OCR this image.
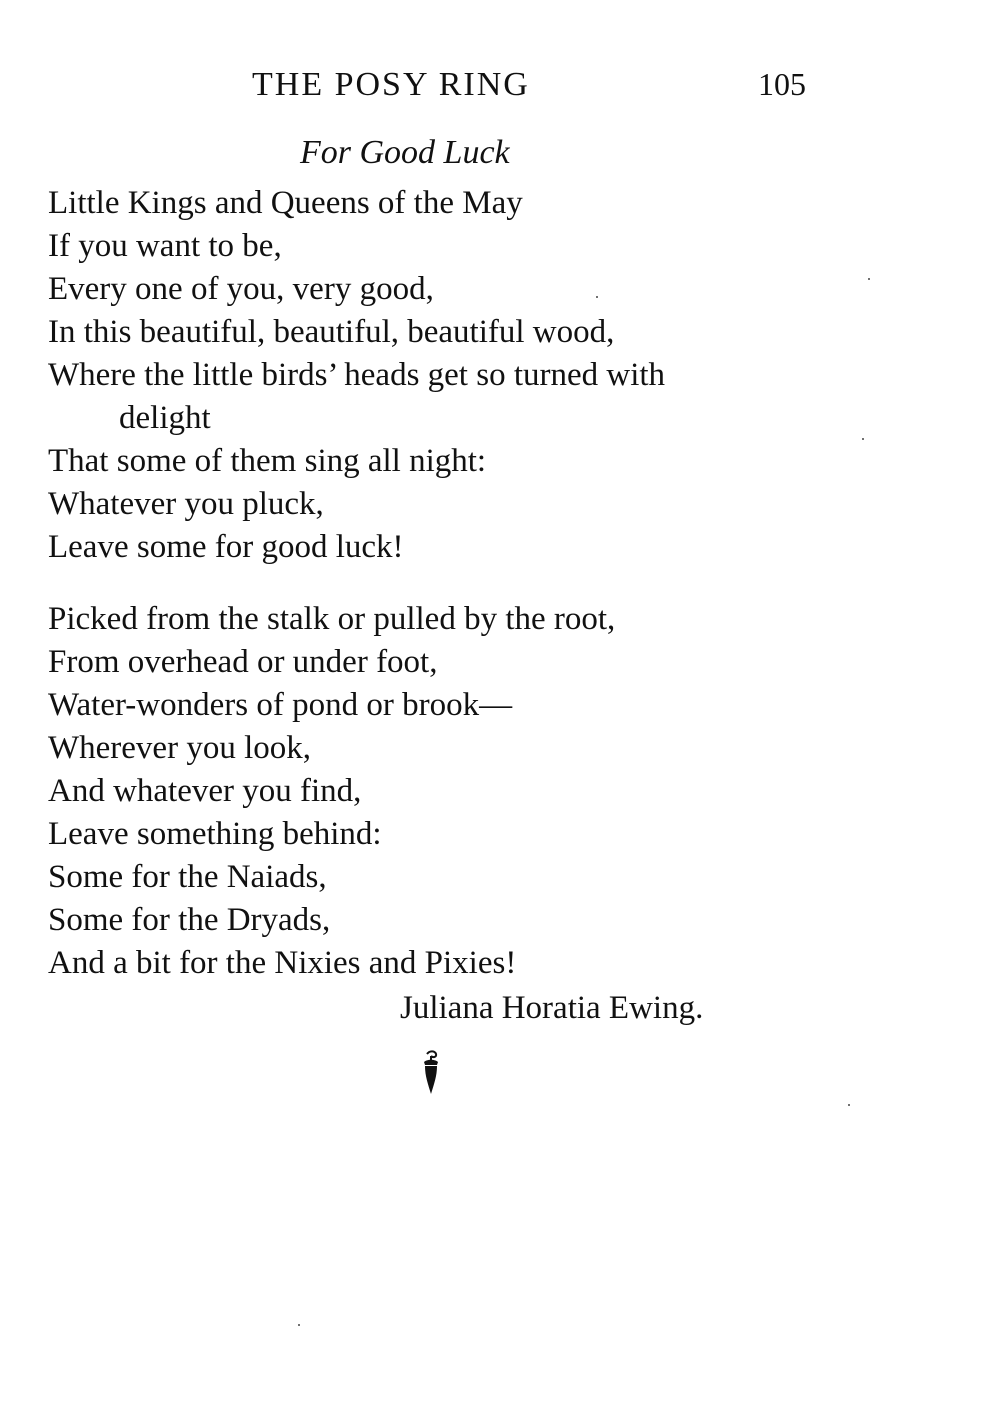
THE POSY RING	105
For Good Luck
Little Kings and Queens of the May
If you want to be,
Every one of you, very good,
In this beautiful, beautiful, beautiful wood,
Where the little birds’ heads get so turned with
delight
That some of them sing all night:
Whatever you pluck,
Leave some for good luck!
Picked from the stalk or pulled by the root,
From overhead or under foot,
Water-wonders of pond or brook—
Wherever you look,
And whatever you find,
Leave something behind:
Some for the Naiads,
Some for the Dryads,
And a bit for the Nixies and Pixies!
Juliana Horatia Ewing.
